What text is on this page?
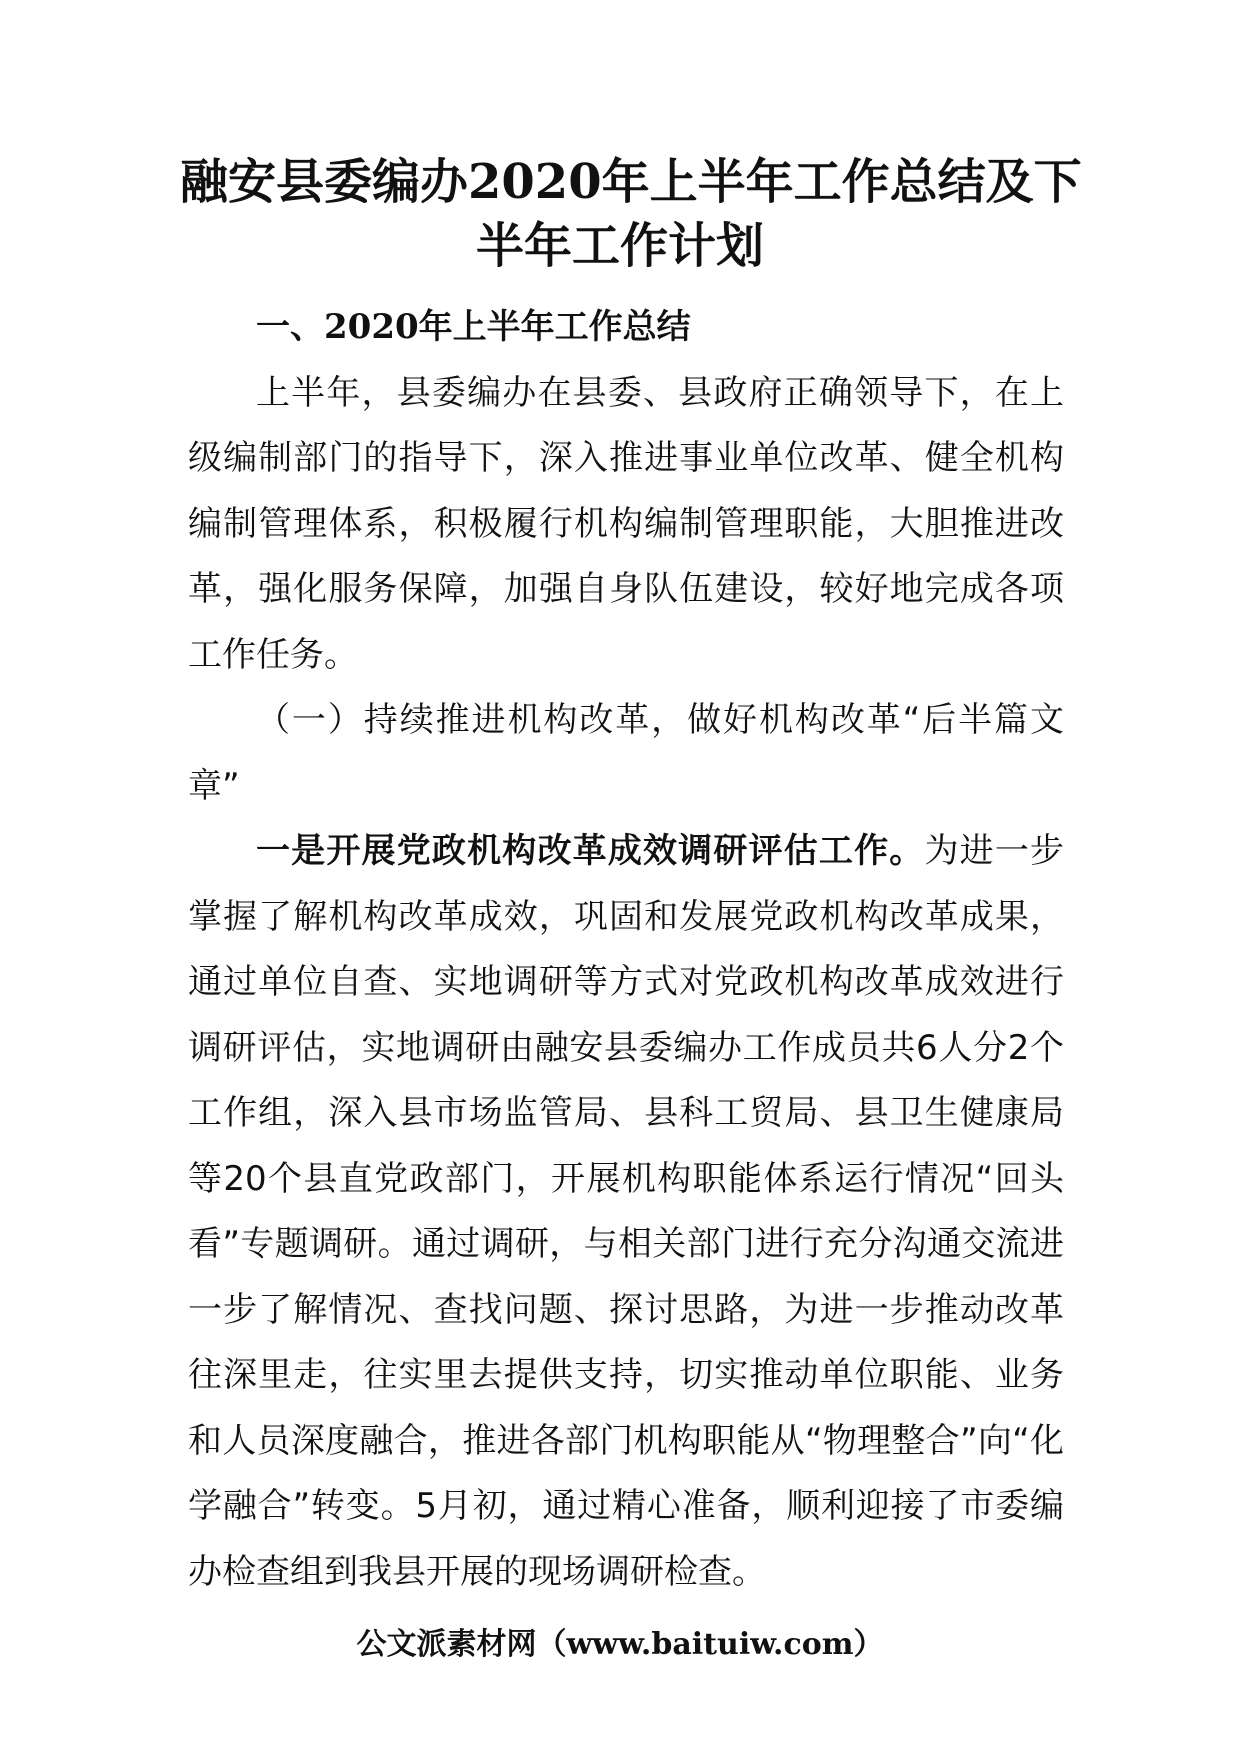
融安县委编办2020年上半年工作总结及下
半年工作计划

一、2020年上半年工作总结

上半年，县委编办在县委、县政府正确领导下，在上级编制部门的指导下，深入推进事业单位改革、健全机构编制管理体系，积极履行机构编制管理职能，大胆推进改革，强化服务保障，加强自身队伍建设，较好地完成各项工作任务。

（一）持续推进机构改革，做好机构改革“后半篇文章”

一是开展党政机构改革成效调研评估工作。为进一步掌握了解机构改革成效，巩固和发展党政机构改革成果，通过单位自查、实地调研等方式对党政机构改革成效进行调研评估，实地调研由融安县委编办工作成员共6人分2个工作组，深入县市场监管局、县科工贸局、县卫生健康局等20个县直党政部门，开展机构职能体系运行情况“回头看”专题调研。通过调研，与相关部门进行充分沟通交流进一步了解情况、查找问题、探讨思路，为进一步推动改革往深里走，往实里去提供支持，切实推动单位职能、业务和人员深度融合，推进各部门机构职能从“物理整合”向“化学融合”转变。5月初，通过精心准备，顺利迎接了市委编办检查组到我县开展的现场调研检查。

公文派素材网（www.baituiw.com）
